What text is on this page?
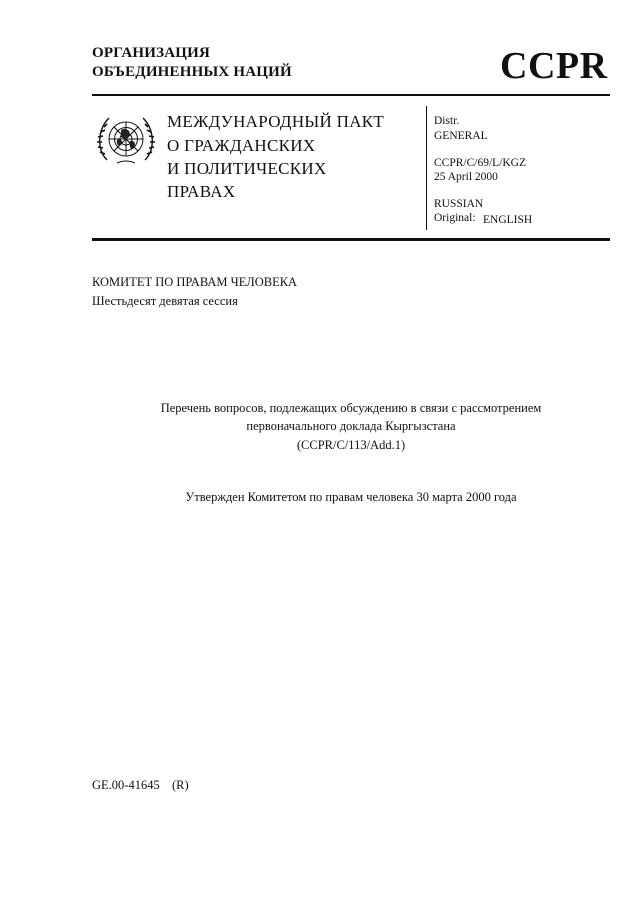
ОРГАНИЗАЦИЯ
ОБЪЕДИНЕННЫХ НАЦИЙ	CCPR
МЕЖДУНАРОДНЫЙ ПАКТ
О ГРАЖДАНСКИХ
И ПОЛИТИЧЕСКИХ
ПРАВАХ
Distr.
GENERAL
CCPR/C/69/L/KGZ
25 April 2000
RUSSIAN
Original: ENGLISH
КОМИТЕТ ПО ПРАВАМ ЧЕЛОВЕКА
Шестьдесят девятая сессия
Перечень вопросов, подлежащих обсуждению в связи с рассмотрением
первоначального доклада Кыргызстана
(CCPR/C/113/Add.1)
Утвержден Комитетом по правам человека 30 марта 2000 года
GE.00-41645 (R)
